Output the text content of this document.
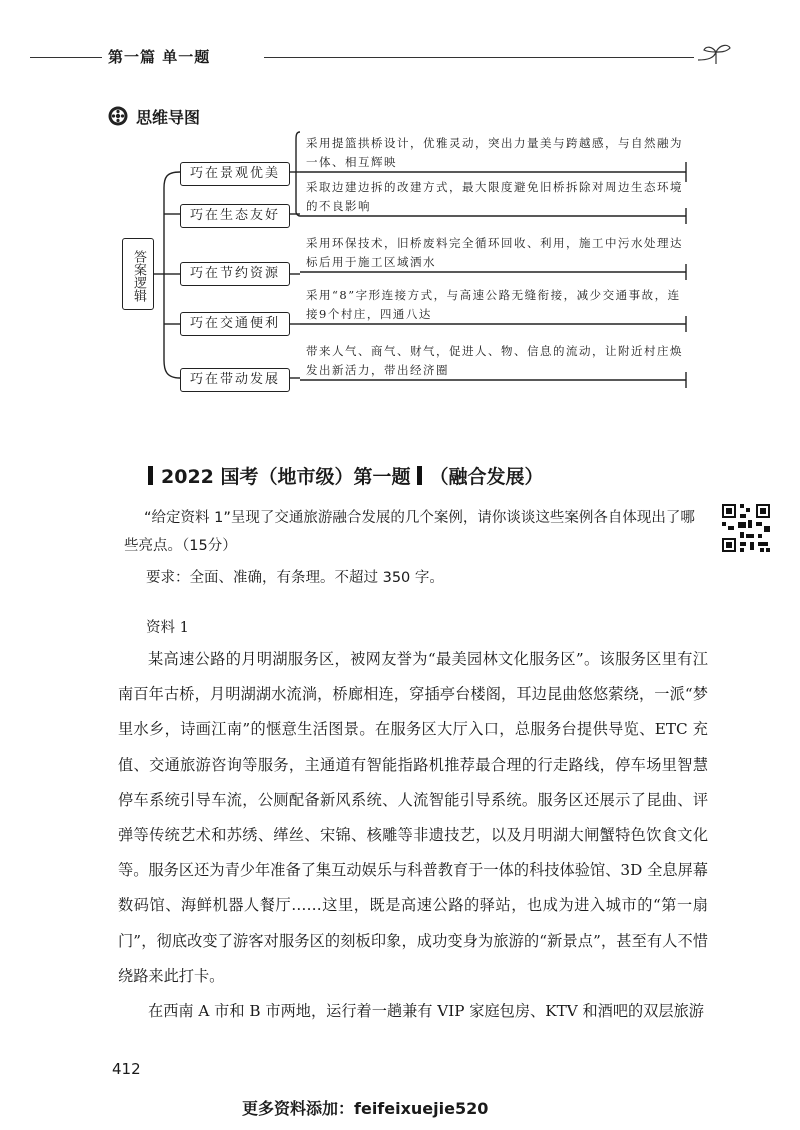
第一篇 单一题
思维导图
答案逻辑
巧在景观优美
巧在生态友好
巧在节约资源
巧在交通便利
巧在带动发展
采用提篮拱桥设计，优雅灵动，突出力量美与跨越感，与自然融为一体、相互辉映
采取边建边拆的改建方式，最大限度避免旧桥拆除对周边生态环境的不良影响
采用环保技术，旧桥废料完全循环回收、利用，施工中污水处理达标后用于施工区域洒水
采用“8”字形连接方式，与高速公路无缝衔接，减少交通事故，连接9个村庄，四通八达
带来人气、商气、财气，促进人、物、信息的流动，让附近村庄焕发出新活力，带出经济圈
2022 国考（地市级）第一题 （融合发展）
“给定资料 1”呈现了交通旅游融合发展的几个案例，请你谈谈这些案例各自体现出了哪些亮点。（15分）
要求：全面、准确，有条理。不超过 350 字。
资料 1

某高速公路的月明湖服务区，被网友誉为“最美园林文化服务区”。该服务区里有江南百年古桥，月明湖湖水流淌，桥廊相连，穿插亭台楼阁，耳边昆曲悠悠萦绕，一派“梦里水乡，诗画江南”的惬意生活图景。在服务区大厅入口，总服务台提供导览、ETC 充值、交通旅游咨询等服务，主通道有智能指路机推荐最合理的行走路线，停车场里智慧停车系统引导车流，公厕配备新风系统、人流智能引导系统。服务区还展示了昆曲、评弹等传统艺术和苏绣、缂丝、宋锦、核雕等非遗技艺，以及月明湖大闸蟹特色饮食文化等。服务区还为青少年准备了集互动娱乐与科普教育于一体的科技体验馆、3D 全息屏幕数码馆、海鲜机器人餐厅……这里，既是高速公路的驿站，也成为进入城市的“第一扇门”，彻底改变了游客对服务区的刻板印象，成功变身为旅游的“新景点”，甚至有人不惜绕路来此打卡。

在西南 A 市和 B 市两地，运行着一趟兼有 VIP 家庭包房、KTV 和酒吧的双层旅游

412
更多资料添加：feifeixuejie520
